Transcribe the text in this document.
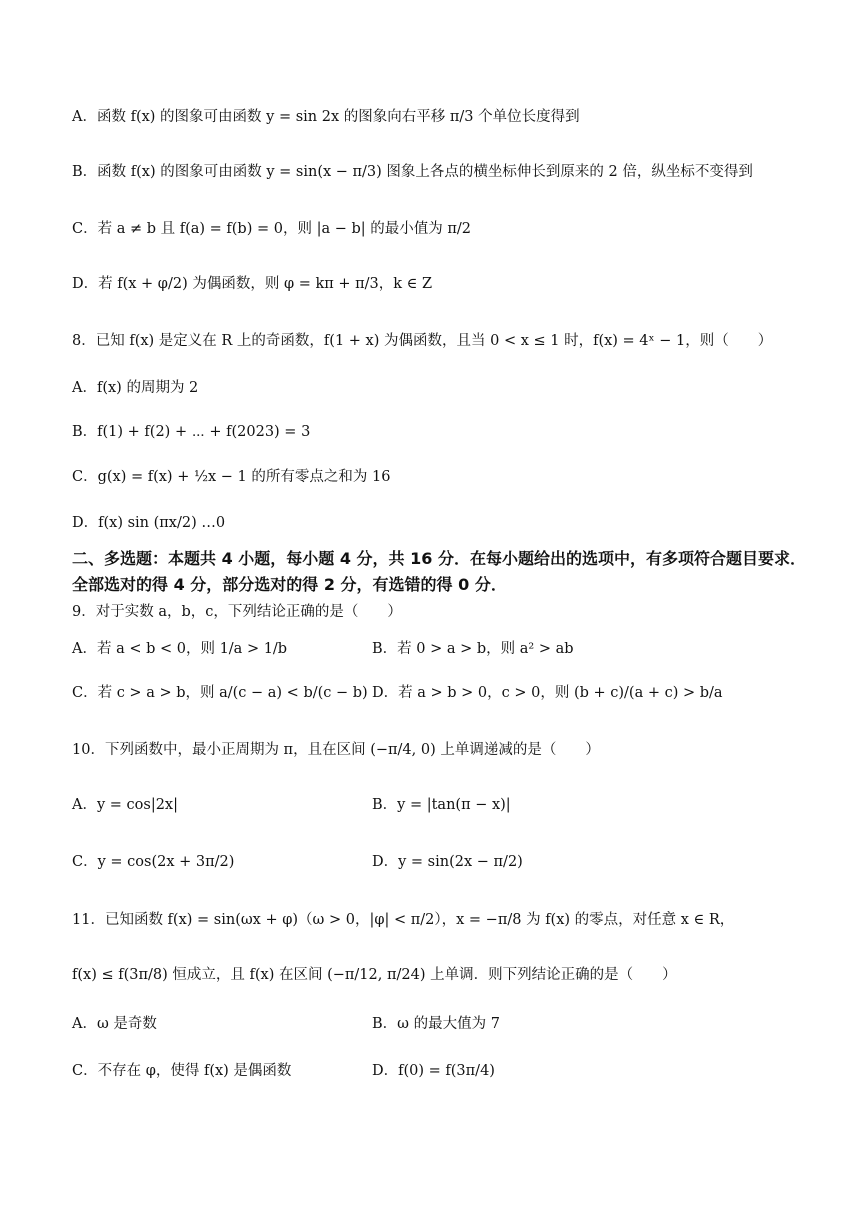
A．函数 f(x) 的图象可由函数 y = sin 2x 的图象向右平移 π/3 个单位长度得到
B．函数 f(x) 的图象可由函数 y = sin(x − π/3) 图象上各点的横坐标伸长到原来的 2 倍，纵坐标不变得到
C．若 a ≠ b 且 f(a) = f(b) = 0，则 |a − b| 的最小值为 π/2
D．若 f(x + φ/2) 为偶函数，则 φ = kπ + π/3，k ∈ Z
8．已知 f(x) 是定义在 R 上的奇函数，f(1 + x) 为偶函数，且当 0 < x ≤ 1 时，f(x) = 4ˣ − 1，则（　　）
A．f(x) 的周期为 2
B．f(1) + f(2) + ⋯ + f(2023) = 3
C．g(x) = f(x) + ½x − 1 的所有零点之和为 16
D．f(x) sin (πx/2) …0
二、多选题：本题共 4 小题，每小题 4 分，共 16 分．在每小题给出的选项中，有多项符合题目要求．全部选对的得 4 分，部分选对的得 2 分，有选错的得 0 分．
9．对于实数 a，b，c，下列结论正确的是（　　）
A．若 a < b < 0，则 1/a > 1/b	B．若 0 > a > b，则 a² > ab
C．若 c > a > b，则 a/(c − a) < b/(c − b) D．若 a > b > 0，c > 0，则 (b + c)/(a + c) > b/a
10．下列函数中，最小正周期为 π，且在区间 (−π/4, 0) 上单调递减的是（　　）
A．y = cos|2x|	B．y = |tan(π − x)|
C．y = cos(2x + 3π/2)	D．y = sin(2x − π/2)
11．已知函数 f(x) = sin(ωx + φ)（ω > 0，|φ| < π/2），x = −π/8 为 f(x) 的零点，对任意 x ∈ R，
f(x) ≤ f(3π/8) 恒成立，且 f(x) 在区间 (−π/12, π/24) 上单调．则下列结论正确的是（　　）
A．ω 是奇数	B．ω 的最大值为 7
C．不存在 φ，使得 f(x) 是偶函数	D．f(0) = f(3π/4)
